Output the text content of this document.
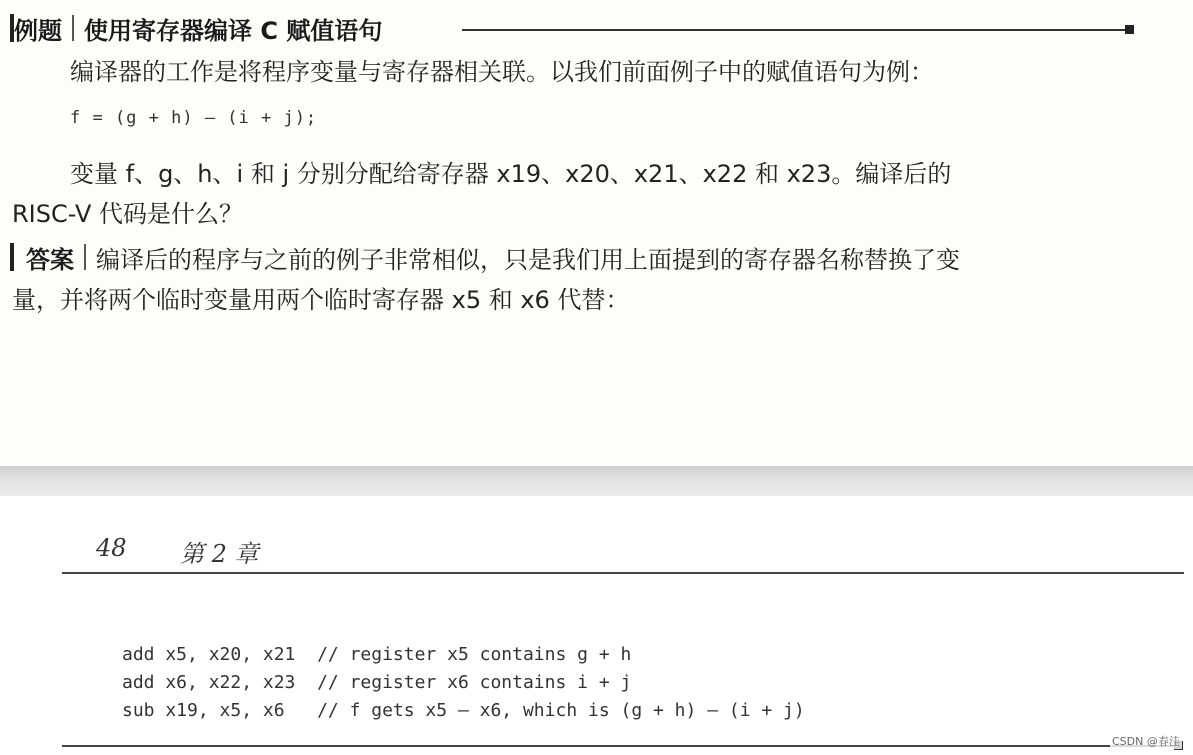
例题 使用寄存器编译 C 赋值语句
编译器的工作是将程序变量与寄存器相关联。以我们前面例子中的赋值语句为例：
f = (g + h) – (i + j);
变量 f、g、h、i 和 j 分别分配给寄存器 x19、x20、x21、x22 和 x23。编译后的
RISC-V 代码是什么？
答案 编译后的程序与之前的例子非常相似，只是我们用上面提到的寄存器名称替换了变
量，并将两个临时变量用两个临时寄存器 x5 和 x6 代替：
48 第 2 章
add x5, x20, x21  // register x5 contains g + h
add x6, x22, x23  // register x6 contains i + j
sub x19, x5, x6   // f gets x5 – x6, which is (g + h) – (i + j)
CSDN @春洼
